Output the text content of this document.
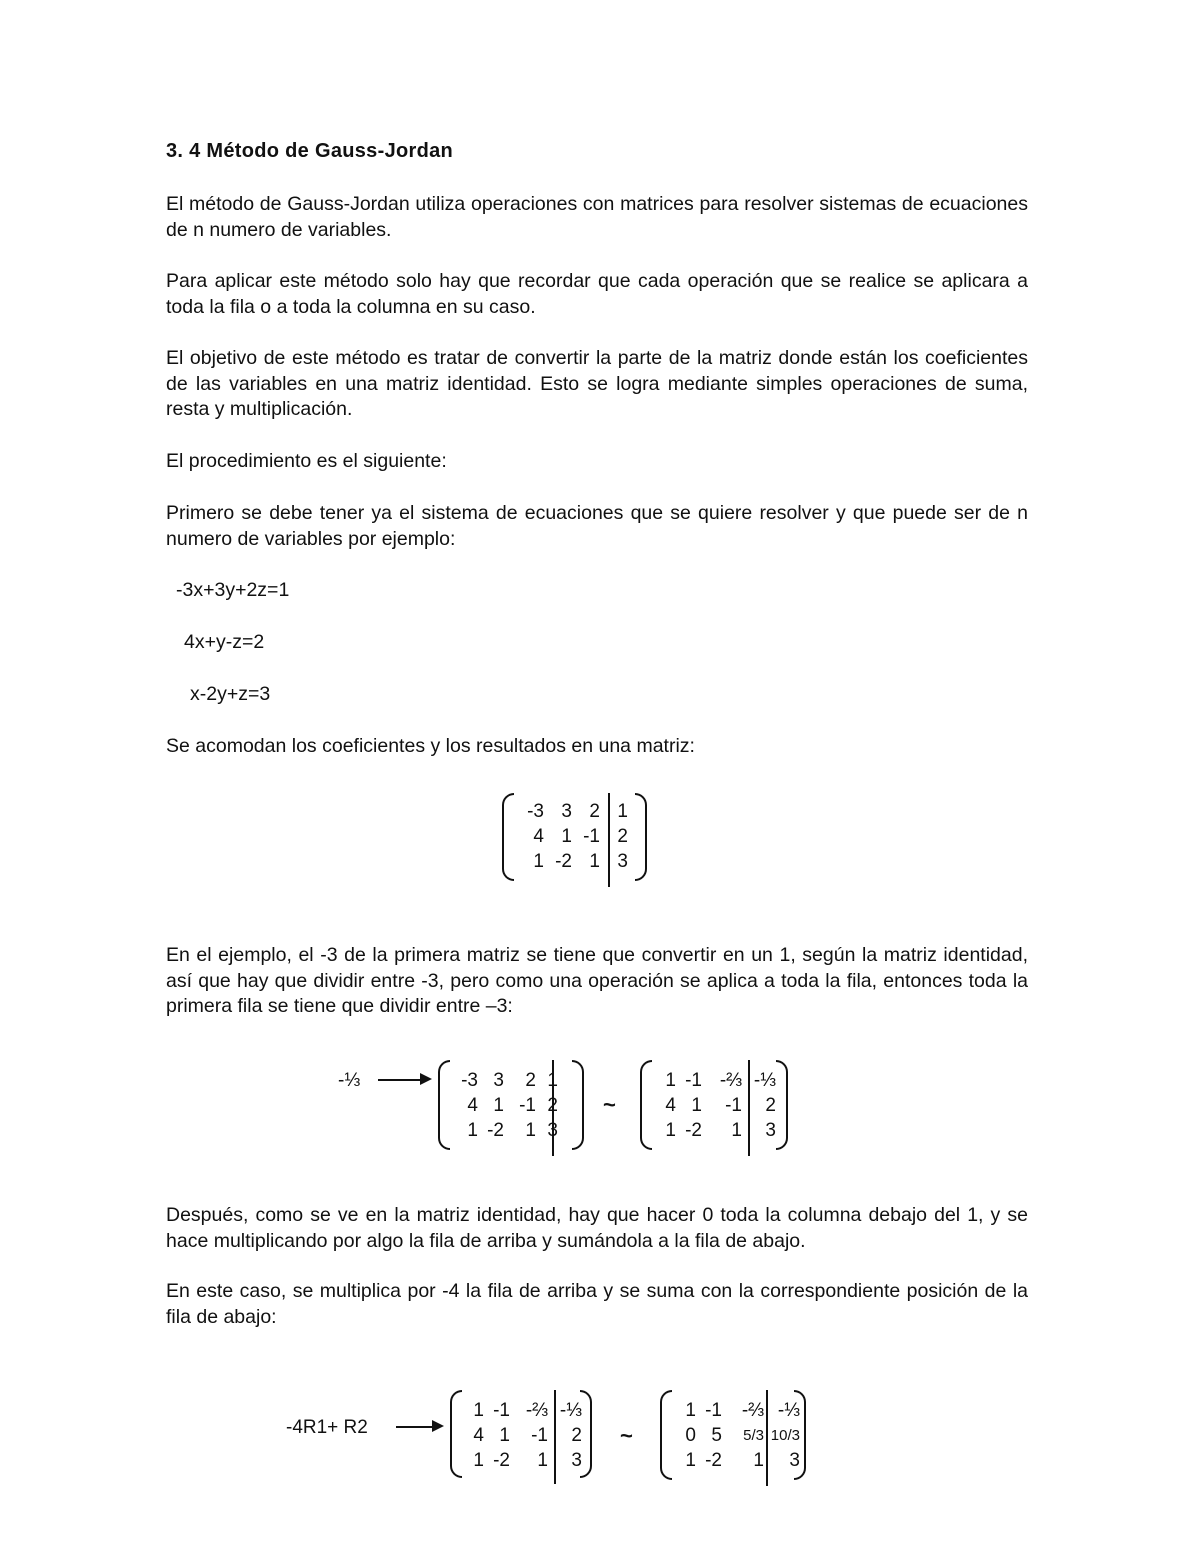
3. 4 Método de Gauss-Jordan
El método de Gauss-Jordan utiliza operaciones con matrices para resolver sistemas de ecuaciones de n numero de variables.
Para aplicar este método solo hay que recordar que cada operación que se realice se aplicara a toda la fila o a toda la columna en su caso.
El objetivo de este método es tratar de convertir la parte de la matriz donde están los coeficientes de las variables en una matriz identidad. Esto se logra mediante simples operaciones de suma, resta y multiplicación.
El procedimiento es el siguiente:
Primero se debe tener ya el sistema de ecuaciones que se quiere resolver y que puede ser de n numero de variables por ejemplo:
-3x+3y+2z=1
4x+y-z=2
x-2y+z=3
Se acomodan los coeficientes y los resultados en una matriz:
-3	3	2	1
4	1	-1	2
1	-2	1	3
En el ejemplo, el -3 de la primera matriz se tiene que convertir en un 1, según la matriz identidad, así que hay que dividir entre -3, pero como una operación se aplica a toda la fila, entonces toda la primera fila se tiene que dividir entre –3:
-⅓	-3	3	2	1
4	1	-1	2
1	-2	1	3
~
1	-1	-⅔	-⅓
4	1	-1	2
1	-2	1	3
Después, como se ve en la matriz identidad, hay que hacer 0 toda la columna debajo del 1, y se hace multiplicando por algo la fila de arriba y sumándola a la fila de abajo.
En este caso, se multiplica por -4 la fila de arriba y se suma con la correspondiente posición de la fila de abajo:
-4R1+ R2
1	-1	-⅔	-⅓
4	1	-1	2
1	-2	1	3
~
1	-1	-⅔	-⅓
0	5	5/3	10/3
1	-2	1	3
